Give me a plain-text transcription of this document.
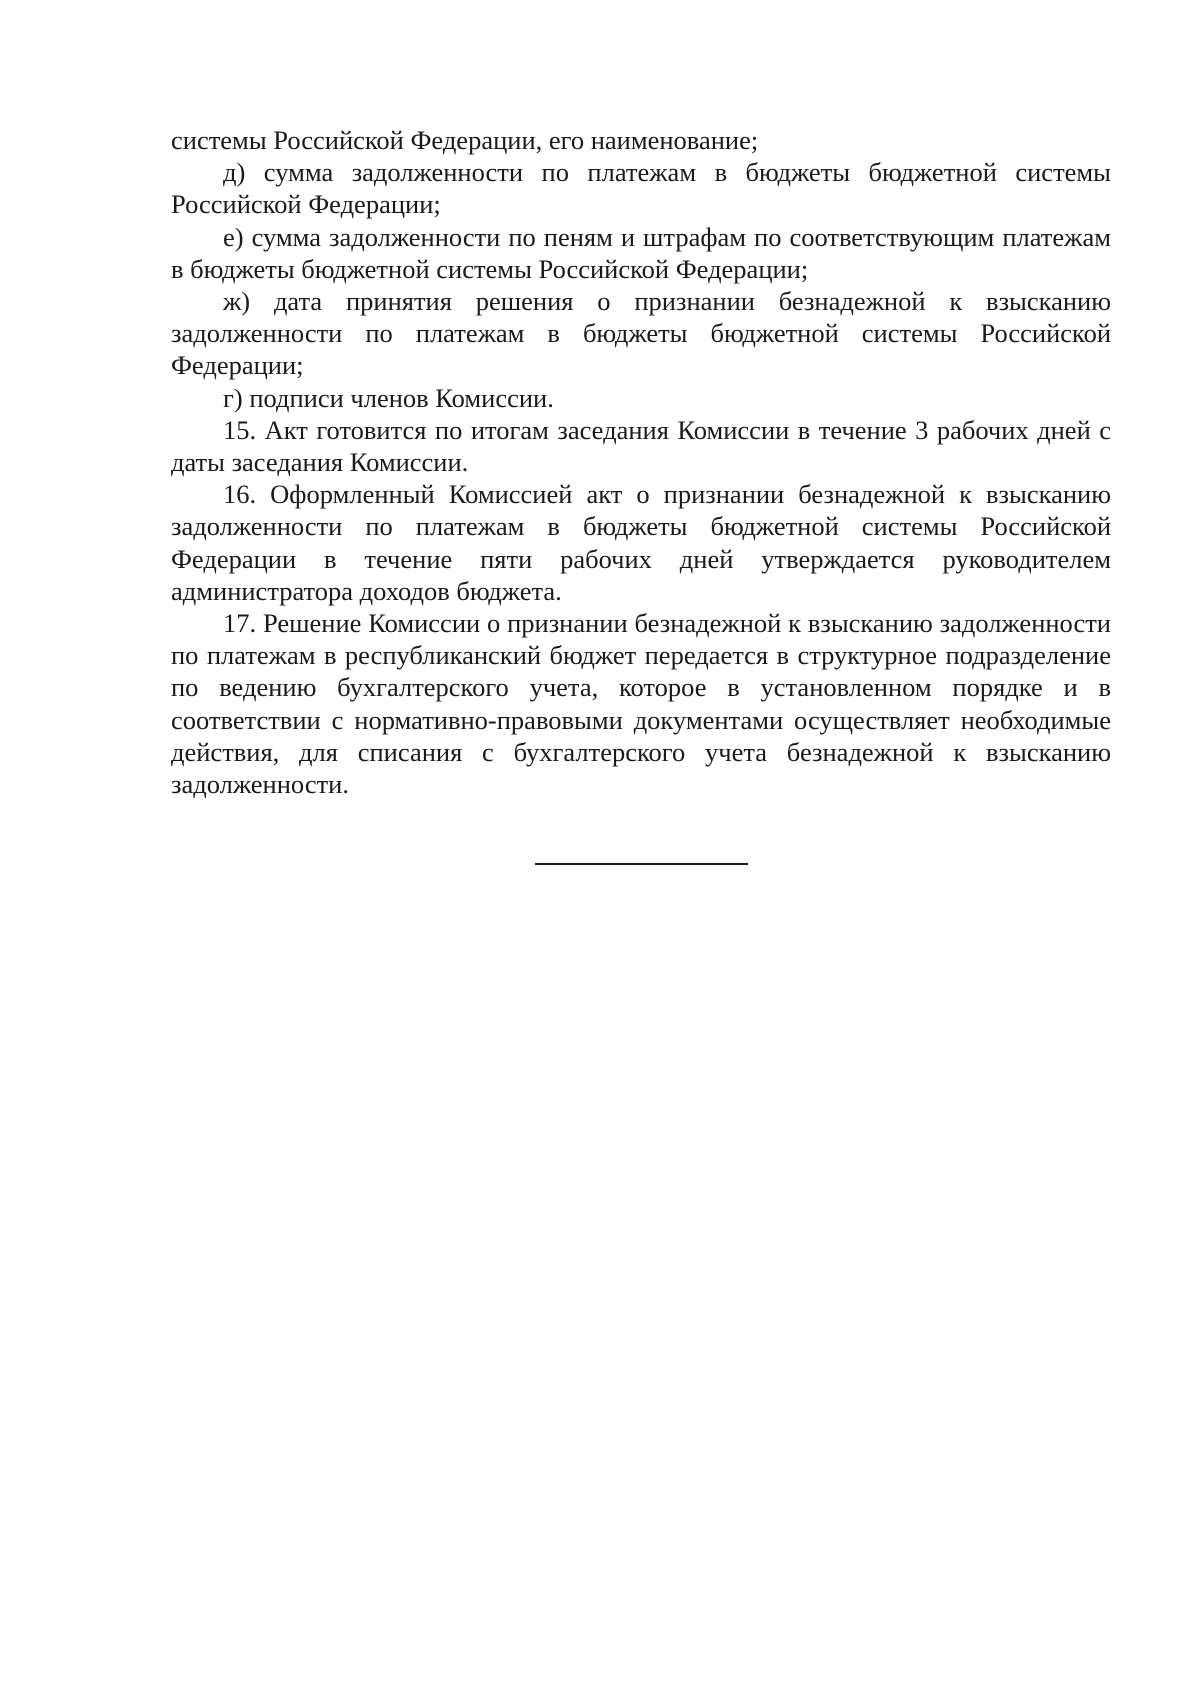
системы Российской Федерации, его наименование;

д) сумма задолженности по платежам в бюджеты бюджетной системы Российской Федерации;

е) сумма задолженности по пеням и штрафам по соответствующим платежам в бюджеты бюджетной системы Российской Федерации;

ж) дата принятия решения о признании безнадежной к взысканию задолженности по платежам в бюджеты бюджетной системы Российской Федерации;

г) подписи членов Комиссии.

15. Акт готовится по итогам заседания Комиссии в течение 3 рабочих дней с даты заседания Комиссии.

16. Оформленный Комиссией акт о признании безнадежной к взысканию задолженности по платежам в бюджеты бюджетной системы Российской Федерации в течение пяти рабочих дней утверждается руководителем администратора доходов бюджета.

17. Решение Комиссии о признании безнадежной к взысканию задолженности по платежам в республиканский бюджет передается в структурное подразделение по ведению бухгалтерского учета, которое в установленном порядке и в соответствии с нормативно-правовыми документами осуществляет необходимые действия, для списания с бухгалтерского учета безнадежной к взысканию задолженности.
